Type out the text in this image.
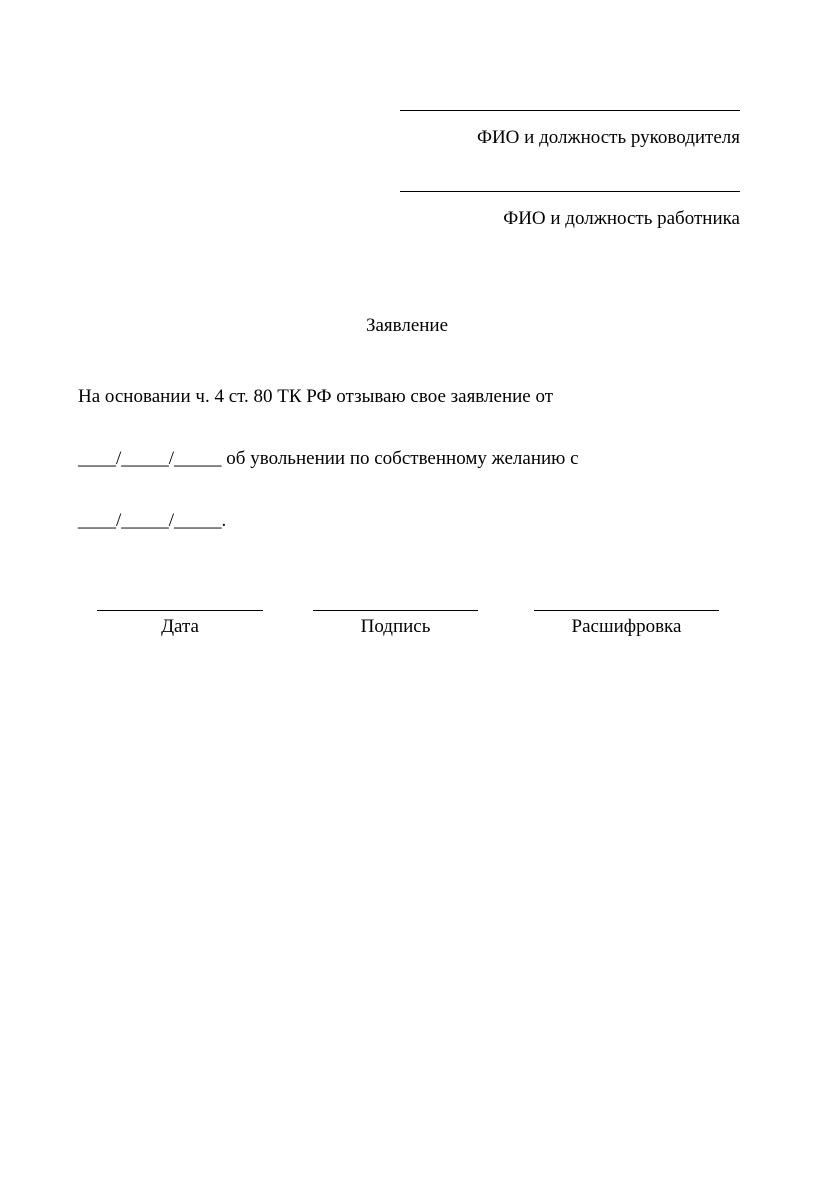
ФИО и должность руководителя
ФИО и должность работника
Заявление

На основании ч. 4 ст. 80 ТК РФ отзываю свое заявление от

____/_____/_____ об увольнении по собственному желанию с

____/_____/_____.

Дата	Подпись	Расшифровка
